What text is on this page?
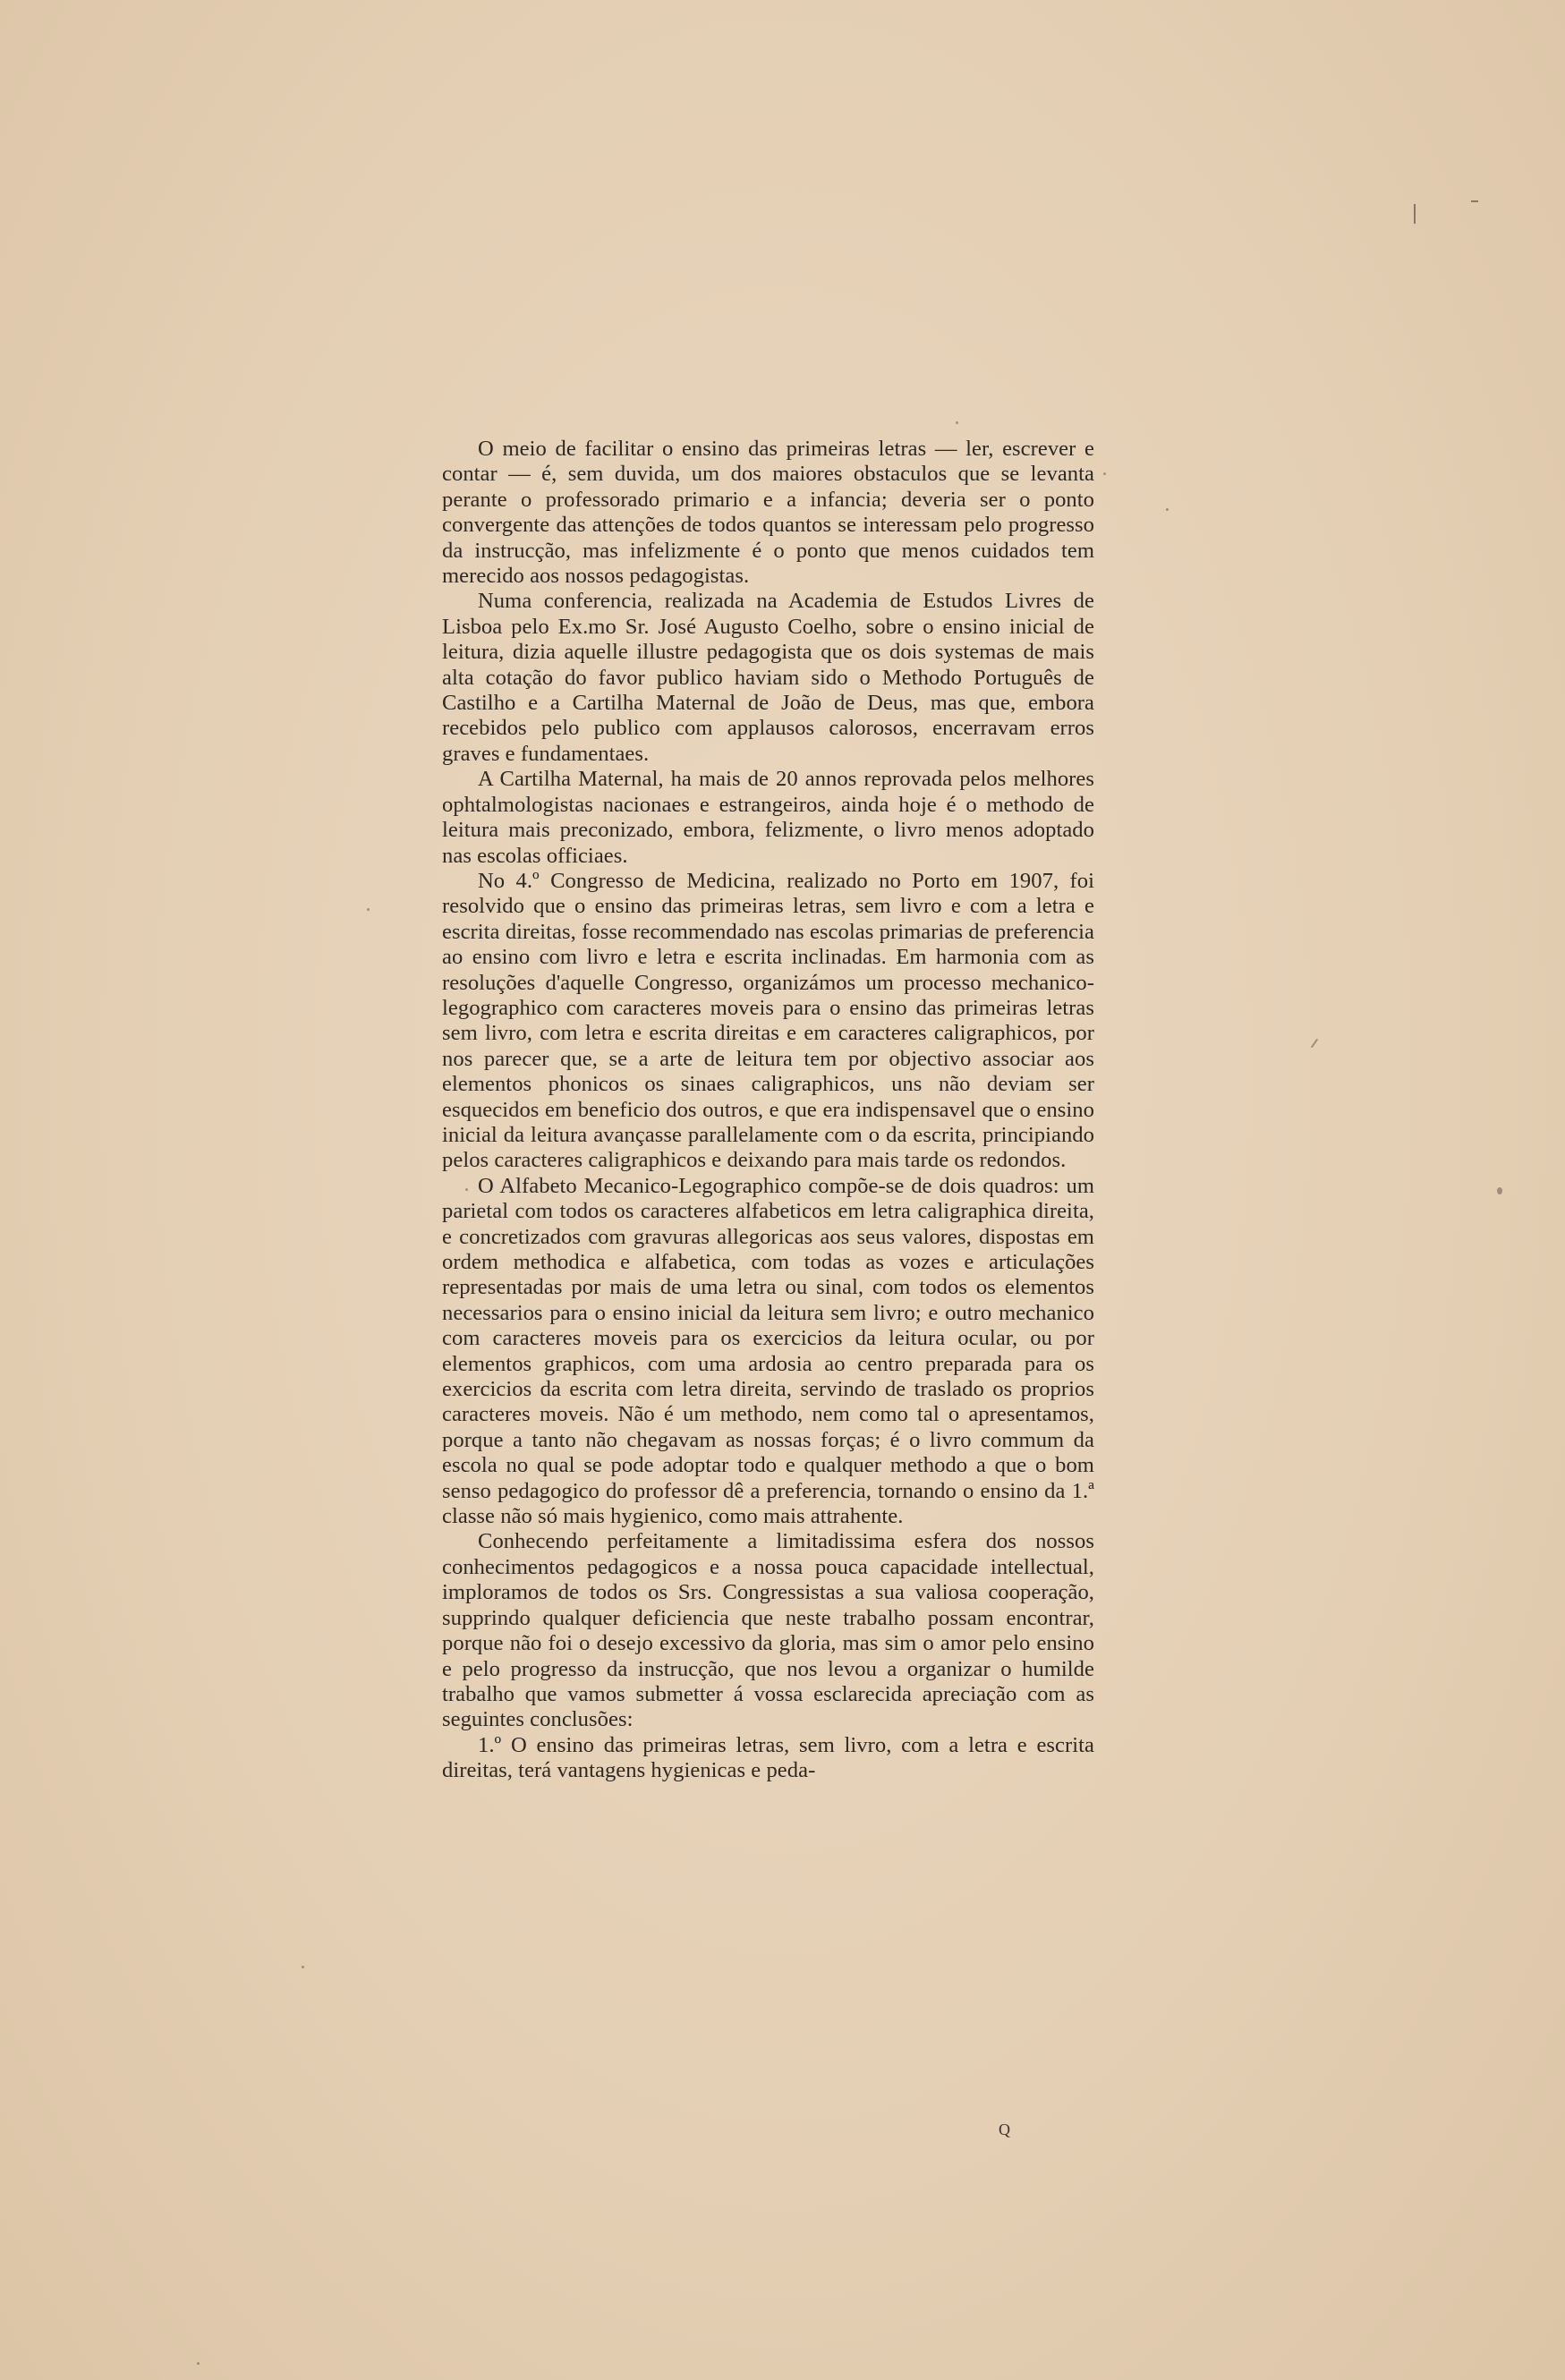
O meio de facilitar o ensino das primeiras letras — ler, escrever e contar — é, sem duvida, um dos maiores obstaculos que se levanta perante o professorado primario e a infancia; deveria ser o ponto convergente das attenções de todos quantos se interessam pelo progresso da instrucção, mas infelizmente é o ponto que menos cuidados tem merecido aos nossos pedagogistas.

Numa conferencia, realizada na Academia de Estudos Livres de Lisboa pelo Ex.mo Sr. José Augusto Coelho, sobre o ensino inicial de leitura, dizia aquelle illustre pedagogista que os dois systemas de mais alta cotação do favor publico haviam sido o Methodo Português de Castilho e a Cartilha Maternal de João de Deus, mas que, embora recebidos pelo publico com applausos calorosos, encerravam erros graves e fundamentaes.

A Cartilha Maternal, ha mais de 20 annos reprovada pelos melhores ophtalmologistas nacionaes e estrangeiros, ainda hoje é o methodo de leitura mais preconizado, embora, felizmente, o livro menos adoptado nas escolas officiaes.

No 4.º Congresso de Medicina, realizado no Porto em 1907, foi resolvido que o ensino das primeiras letras, sem livro e com a letra e escrita direitas, fosse recommendado nas escolas primarias de preferencia ao ensino com livro e letra e escrita inclinadas. Em harmonia com as resoluções d'aquelle Congresso, organizámos um processo mechanico-legographico com caracteres moveis para o ensino das primeiras letras sem livro, com letra e escrita direitas e em caracteres caligraphicos, por nos parecer que, se a arte de leitura tem por objectivo associar aos elementos phonicos os sinaes caligraphicos, uns não deviam ser esquecidos em beneficio dos outros, e que era indispensavel que o ensino inicial da leitura avançasse parallelamente com o da escrita, principiando pelos caracteres caligraphicos e deixando para mais tarde os redondos.

O Alfabeto Mecanico-Legographico compõe-se de dois quadros: um parietal com todos os caracteres alfabeticos em letra caligraphica direita, e concretizados com gravuras allegoricas aos seus valores, dispostas em ordem methodica e alfabetica, com todas as vozes e articulações representadas por mais de uma letra ou sinal, com todos os elementos necessarios para o ensino inicial da leitura sem livro; e outro mechanico com caracteres moveis para os exercicios da leitura ocular, ou por elementos graphicos, com uma ardosia ao centro preparada para os exercicios da escrita com letra direita, servindo de traslado os proprios caracteres moveis. Não é um methodo, nem como tal o apresentamos, porque a tanto não chegavam as nossas forças; é o livro commum da escola no qual se pode adoptar todo e qualquer methodo a que o bom senso pedagogico do professor dê a preferencia, tornando o ensino da 1.ª classe não só mais hygienico, como mais attrahente.

Conhecendo perfeitamente a limitadissima esfera dos nossos conhecimentos pedagogicos e a nossa pouca capacidade intellectual, imploramos de todos os Srs. Congressistas a sua valiosa cooperação, supprindo qualquer deficiencia que neste trabalho possam encontrar, porque não foi o desejo excessivo da gloria, mas sim o amor pelo ensino e pelo progresso da instrucção, que nos levou a organizar o humilde trabalho que vamos submetter á vossa esclarecida apreciação com as seguintes conclusões:

1.º O ensino das primeiras letras, sem livro, com a letra e escrita direitas, terá vantagens hygienicas e peda-

Q
